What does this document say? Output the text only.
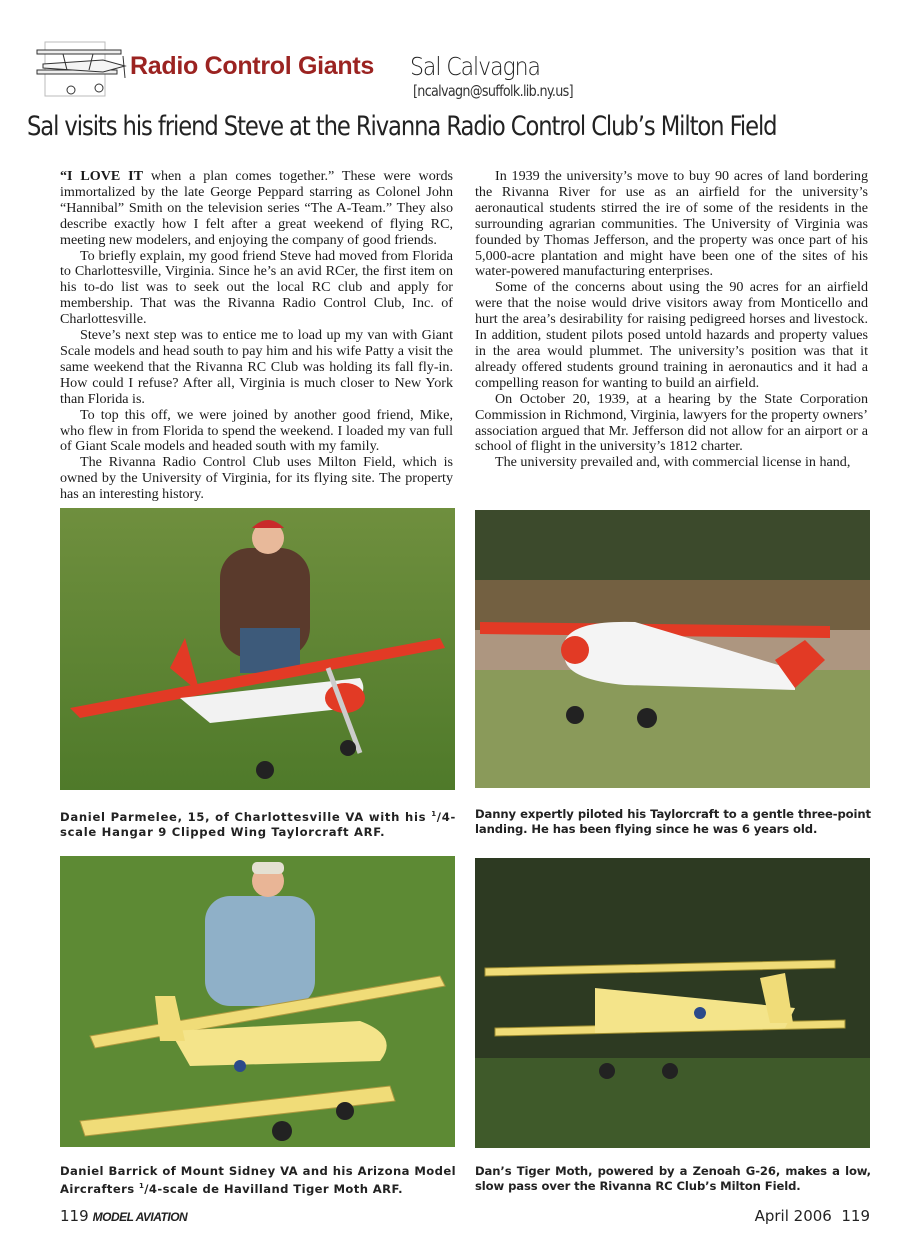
Radio Control Giants Sal Calvagna
[ncalvagn@suffolk.lib.ny.us]
Sal visits his friend Steve at the Rivanna Radio Control Club’s Milton Field

“I LOVE IT when a plan comes together.” These were words immortalized by the late George Peppard starring as Colonel John “Hannibal” Smith on the television series “The A-Team.” They also describe exactly how I felt after a great weekend of flying RC, meeting new modelers, and enjoying the company of good friends.

To briefly explain, my good friend Steve had moved from Florida to Charlottesville, Virginia. Since he’s an avid RCer, the first item on his to-do list was to seek out the local RC club and apply for membership. That was the Rivanna Radio Control Club, Inc. of Charlottesville.

Steve’s next step was to entice me to load up my van with Giant Scale models and head south to pay him and his wife Patty a visit the same weekend that the Rivanna RC Club was holding its fall fly-in. How could I refuse? After all, Virginia is much closer to New York than Florida is.

To top this off, we were joined by another good friend, Mike, who flew in from Florida to spend the weekend. I loaded my van full of Giant Scale models and headed south with my family.

The Rivanna Radio Control Club uses Milton Field, which is owned by the University of Virginia, for its flying site. The property has an interesting history.

In 1939 the university’s move to buy 90 acres of land bordering the Rivanna River for use as an airfield for the university’s aeronautical students stirred the ire of some of the residents in the surrounding agrarian communities. The University of Virginia was founded by Thomas Jefferson, and the property was once part of his 5,000-acre plantation and might have been one of the sites of his water-powered manufacturing enterprises.

Some of the concerns about using the 90 acres for an airfield were that the noise would drive visitors away from Monticello and hurt the area’s desirability for raising pedigreed horses and livestock. In addition, student pilots posed untold hazards and property values in the area would plummet. The university’s position was that it already offered students ground training in aeronautics and it had a compelling reason for wanting to build an airfield.

On October 20, 1939, at a hearing by the State Corporation Commission in Richmond, Virginia, lawyers for the property owners’ association argued that Mr. Jefferson did not allow for an airport or a school of flight in the university’s 1812 charter.

The university prevailed and, with commercial license in hand,

Daniel Parmelee, 15, of Charlottesville VA with his $^1$/4-scale Hangar 9 Clipped Wing Taylorcraft ARF.
Danny expertly piloted his Taylorcraft to a gentle three-point landing. He has been flying since he was 6 years old.
Daniel Barrick of Mount Sidney VA and his Arizona Model Aircrafters $^1$/4-scale de Havilland Tiger Moth ARF.
Dan’s Tiger Moth, powered by a Zenoah G-26, makes a low, slow pass over the Rivanna RC Club’s Milton Field.
119 MODEL AVIATION	April 2006  119
